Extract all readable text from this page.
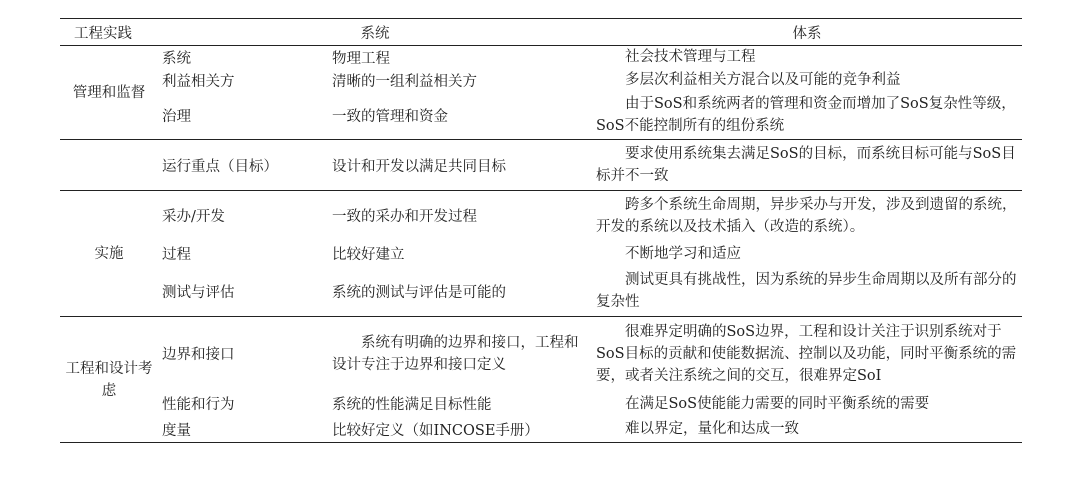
工程实践	系统		体系
管理和监督	系统	物理工程	社会技术管理与工程
	利益相关方	清晰的一组利益相关方	多层次利益相关方混合以及可能的竞争利益
	治理	一致的管理和资金	由于SoS和系统两者的管理和资金而增加了SoS复杂性等级，SoS不能控制所有的组份系统
	运行重点（目标）	设计和开发以满足共同目标	要求使用系统集去满足SoS的目标，而系统目标可能与SoS目标并不一致
实施	采办/开发	一致的采办和开发过程	跨多个系统生命周期，异步采办与开发，涉及到遗留的系统，开发的系统以及技术插入（改造的系统）。
	过程	比较好建立	不断地学习和适应
	测试与评估	系统的测试与评估是可能的	测试更具有挑战性，因为系统的异步生命周期以及所有部分的复杂性
工程和设计考虑	边界和接口	系统有明确的边界和接口，工程和设计专注于边界和接口定义	很难界定明确的SoS边界，工程和设计关注于识别系统对于SoS目标的贡献和使能数据流、控制以及功能，同时平衡系统的需要，或者关注系统之间的交互，很难界定SoI
	性能和行为	系统的性能满足目标性能	在满足SoS使能能力需要的同时平衡系统的需要
	度量	比较好定义（如INCOSE手册）	难以界定，量化和达成一致
